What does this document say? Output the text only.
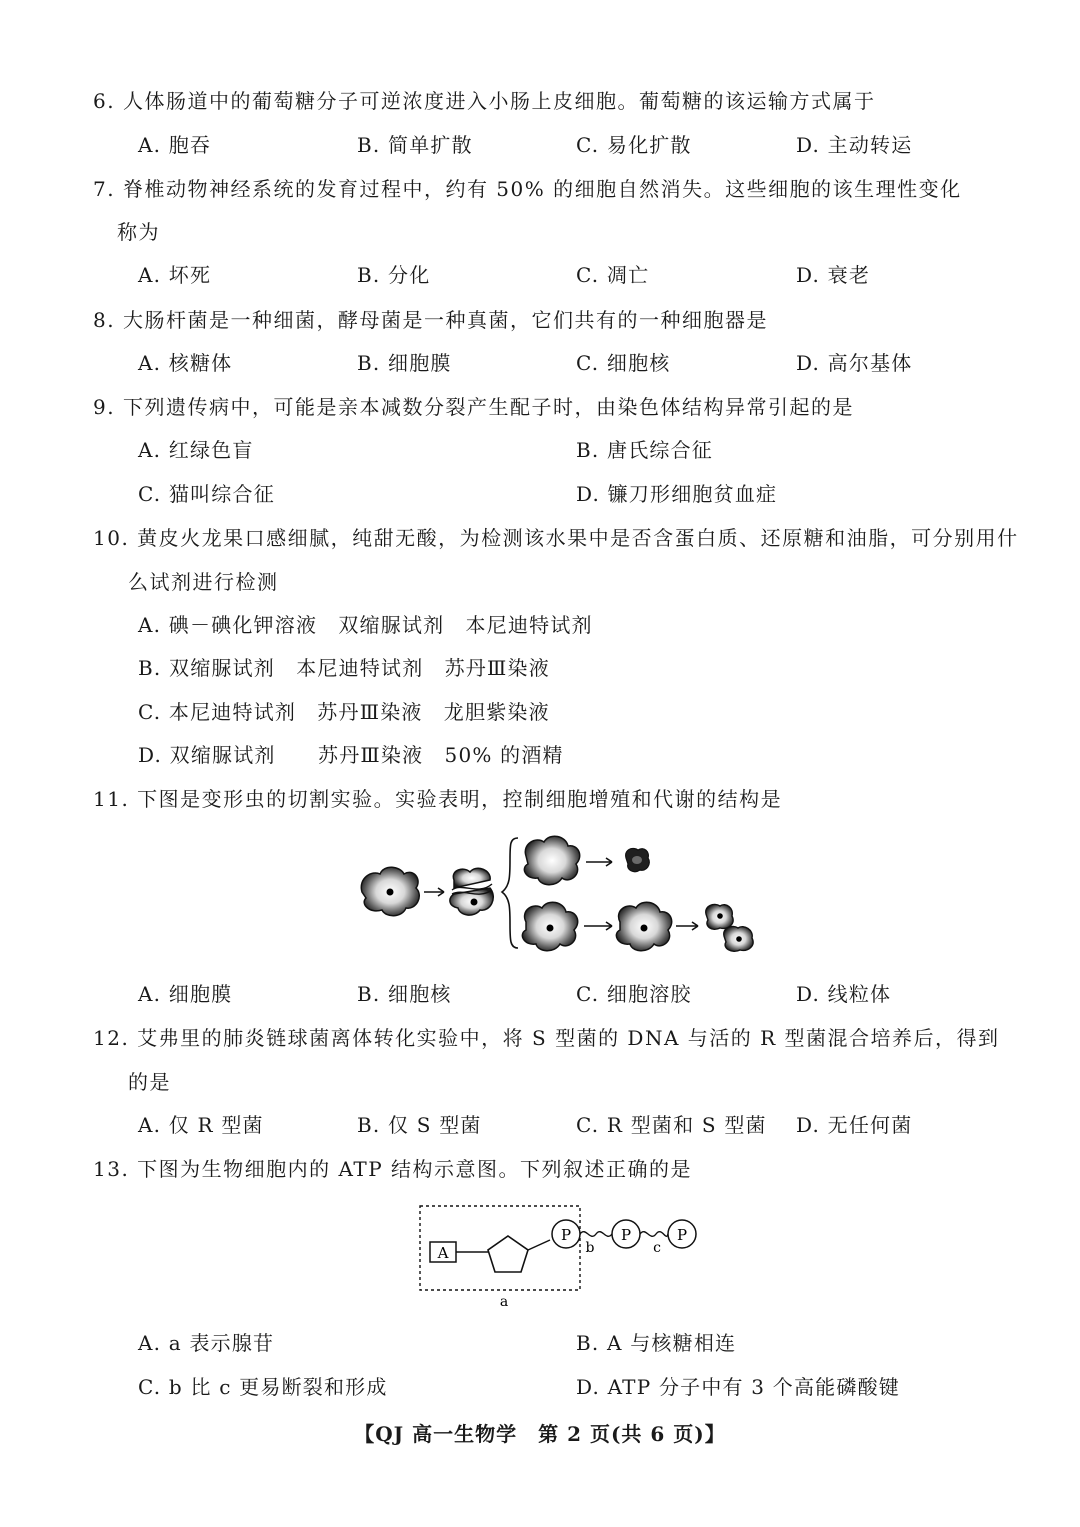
6. 人体肠道中的葡萄糖分子可逆浓度进入小肠上皮细胞。葡萄糖的该运输方式属于
A. 胞吞	B. 简单扩散	C. 易化扩散	D. 主动转运
7. 脊椎动物神经系统的发育过程中，约有 50% 的细胞自然消失。这些细胞的该生理性变化
称为
A. 坏死	B. 分化	C. 凋亡	D. 衰老
8. 大肠杆菌是一种细菌，酵母菌是一种真菌，它们共有的一种细胞器是
A. 核糖体	B. 细胞膜	C. 细胞核	D. 高尔基体
9. 下列遗传病中，可能是亲本减数分裂产生配子时，由染色体结构异常引起的是
A. 红绿色盲	B. 唐氏综合征
C. 猫叫综合征	D. 镰刀形细胞贫血症
10. 黄皮火龙果口感细腻，纯甜无酸，为检测该水果中是否含蛋白质、还原糖和油脂，可分别用什
么试剂进行检测
A. 碘－碘化钾溶液　双缩脲试剂　本尼迪特试剂
B. 双缩脲试剂　本尼迪特试剂　苏丹Ⅲ染液
C. 本尼迪特试剂　苏丹Ⅲ染液　龙胆紫染液
D. 双缩脲试剂　　苏丹Ⅲ染液　50% 的酒精
11. 下图是变形虫的切割实验。实验表明，控制细胞增殖和代谢的结构是
A. 细胞膜	B. 细胞核	C. 细胞溶胶	D. 线粒体
12. 艾弗里的肺炎链球菌离体转化实验中，将 S 型菌的 DNA 与活的 R 型菌混合培养后，得到
的是
A. 仅 R 型菌	B. 仅 S 型菌	C. R 型菌和 S 型菌 D. 无任何菌
13. 下图为生物细胞内的 ATP 结构示意图。下列叙述正确的是
A
P
b
P
c
P
a
A. a 表示腺苷	B. A 与核糖相连
C. b 比 c 更易断裂和形成	D. ATP 分子中有 3 个高能磷酸键
【QJ 高一生物学　第 2 页(共 6 页)】
